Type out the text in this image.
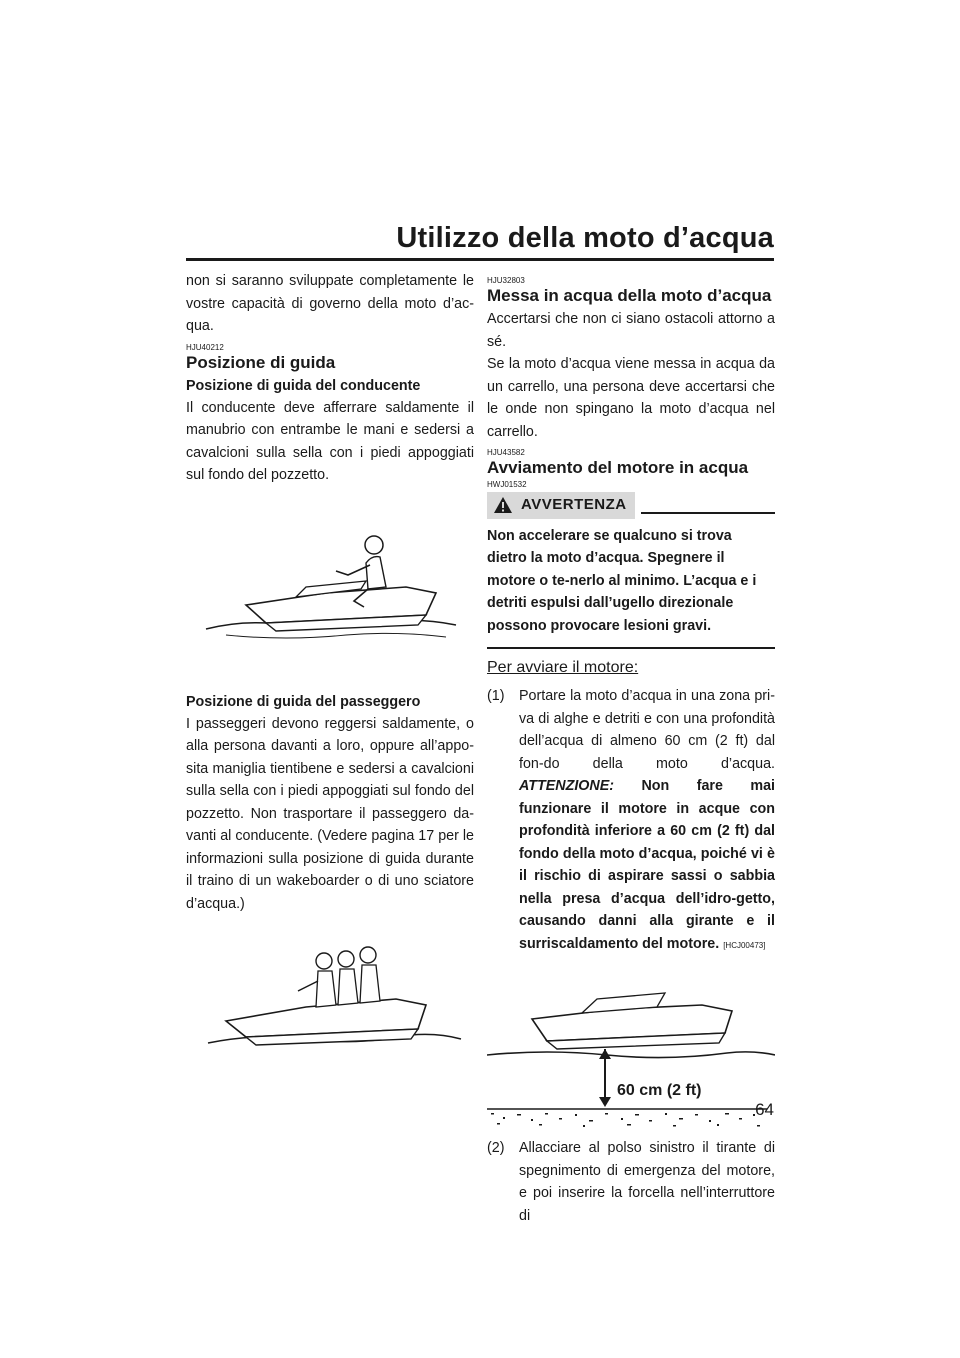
Utilizzo della moto d’acqua

non si saranno sviluppate completamente le vostre capacità di governo della moto d’ac-qua.

HJU40212
Posizione di guida
Posizione di guida del conducente

Il conducente deve afferrare saldamente il manubrio con entrambe le mani e sedersi a cavalcioni sulla sella con i piedi appoggiati sul fondo del pozzetto.

Posizione di guida del passeggero

I passeggeri devono reggersi saldamente, o alla persona davanti a loro, oppure all’appo-sita maniglia tientibene e sedersi a cavalcioni sulla sella con i piedi appoggiati sul fondo del pozzetto. Non trasportare il passeggero da-vanti al conducente. (Vedere pagina 17 per le informazioni sulla posizione di guida durante il traino di un wakeboarder o di uno sciatore d’acqua.)

HJU32803
Messa in acqua della moto d’acqua

Accertarsi che non ci siano ostacoli attorno a sé.

Se la moto d’acqua viene messa in acqua da un carrello, una persona deve accertarsi che le onde non spingano la moto d’acqua nel carrello.

HJU43582
Avviamento del motore in acqua
HWJ01532
AVVERTENZA

Non accelerare se qualcuno si trova dietro la moto d’acqua. Spegnere il motore o te-nerlo al minimo. L’acqua e i detriti espulsi dall’ugello direzionale possono provocare lesioni gravi.

Per avviare il motore:
(1)	Portare la moto d’acqua in una zona pri-va di alghe e detriti e con una profondità dell’acqua di almeno 60 cm (2 ft) dal fon-do della moto d’acqua. ATTENZIONE: Non fare mai funzionare il motore in acque con profondità inferiore a 60 cm (2 ft) dal fondo della moto d’acqua, poiché vi è il rischio di aspirare sassi o sabbia nella presa d’acqua dell’idro-getto, causando danni alla girante e il surriscaldamento del motore. [HCJ00473]
60 cm (2 ft)
(2)	Allacciare al polso sinistro il tirante di spegnimento di emergenza del motore, e poi inserire la forcella nell’interruttore di
64
